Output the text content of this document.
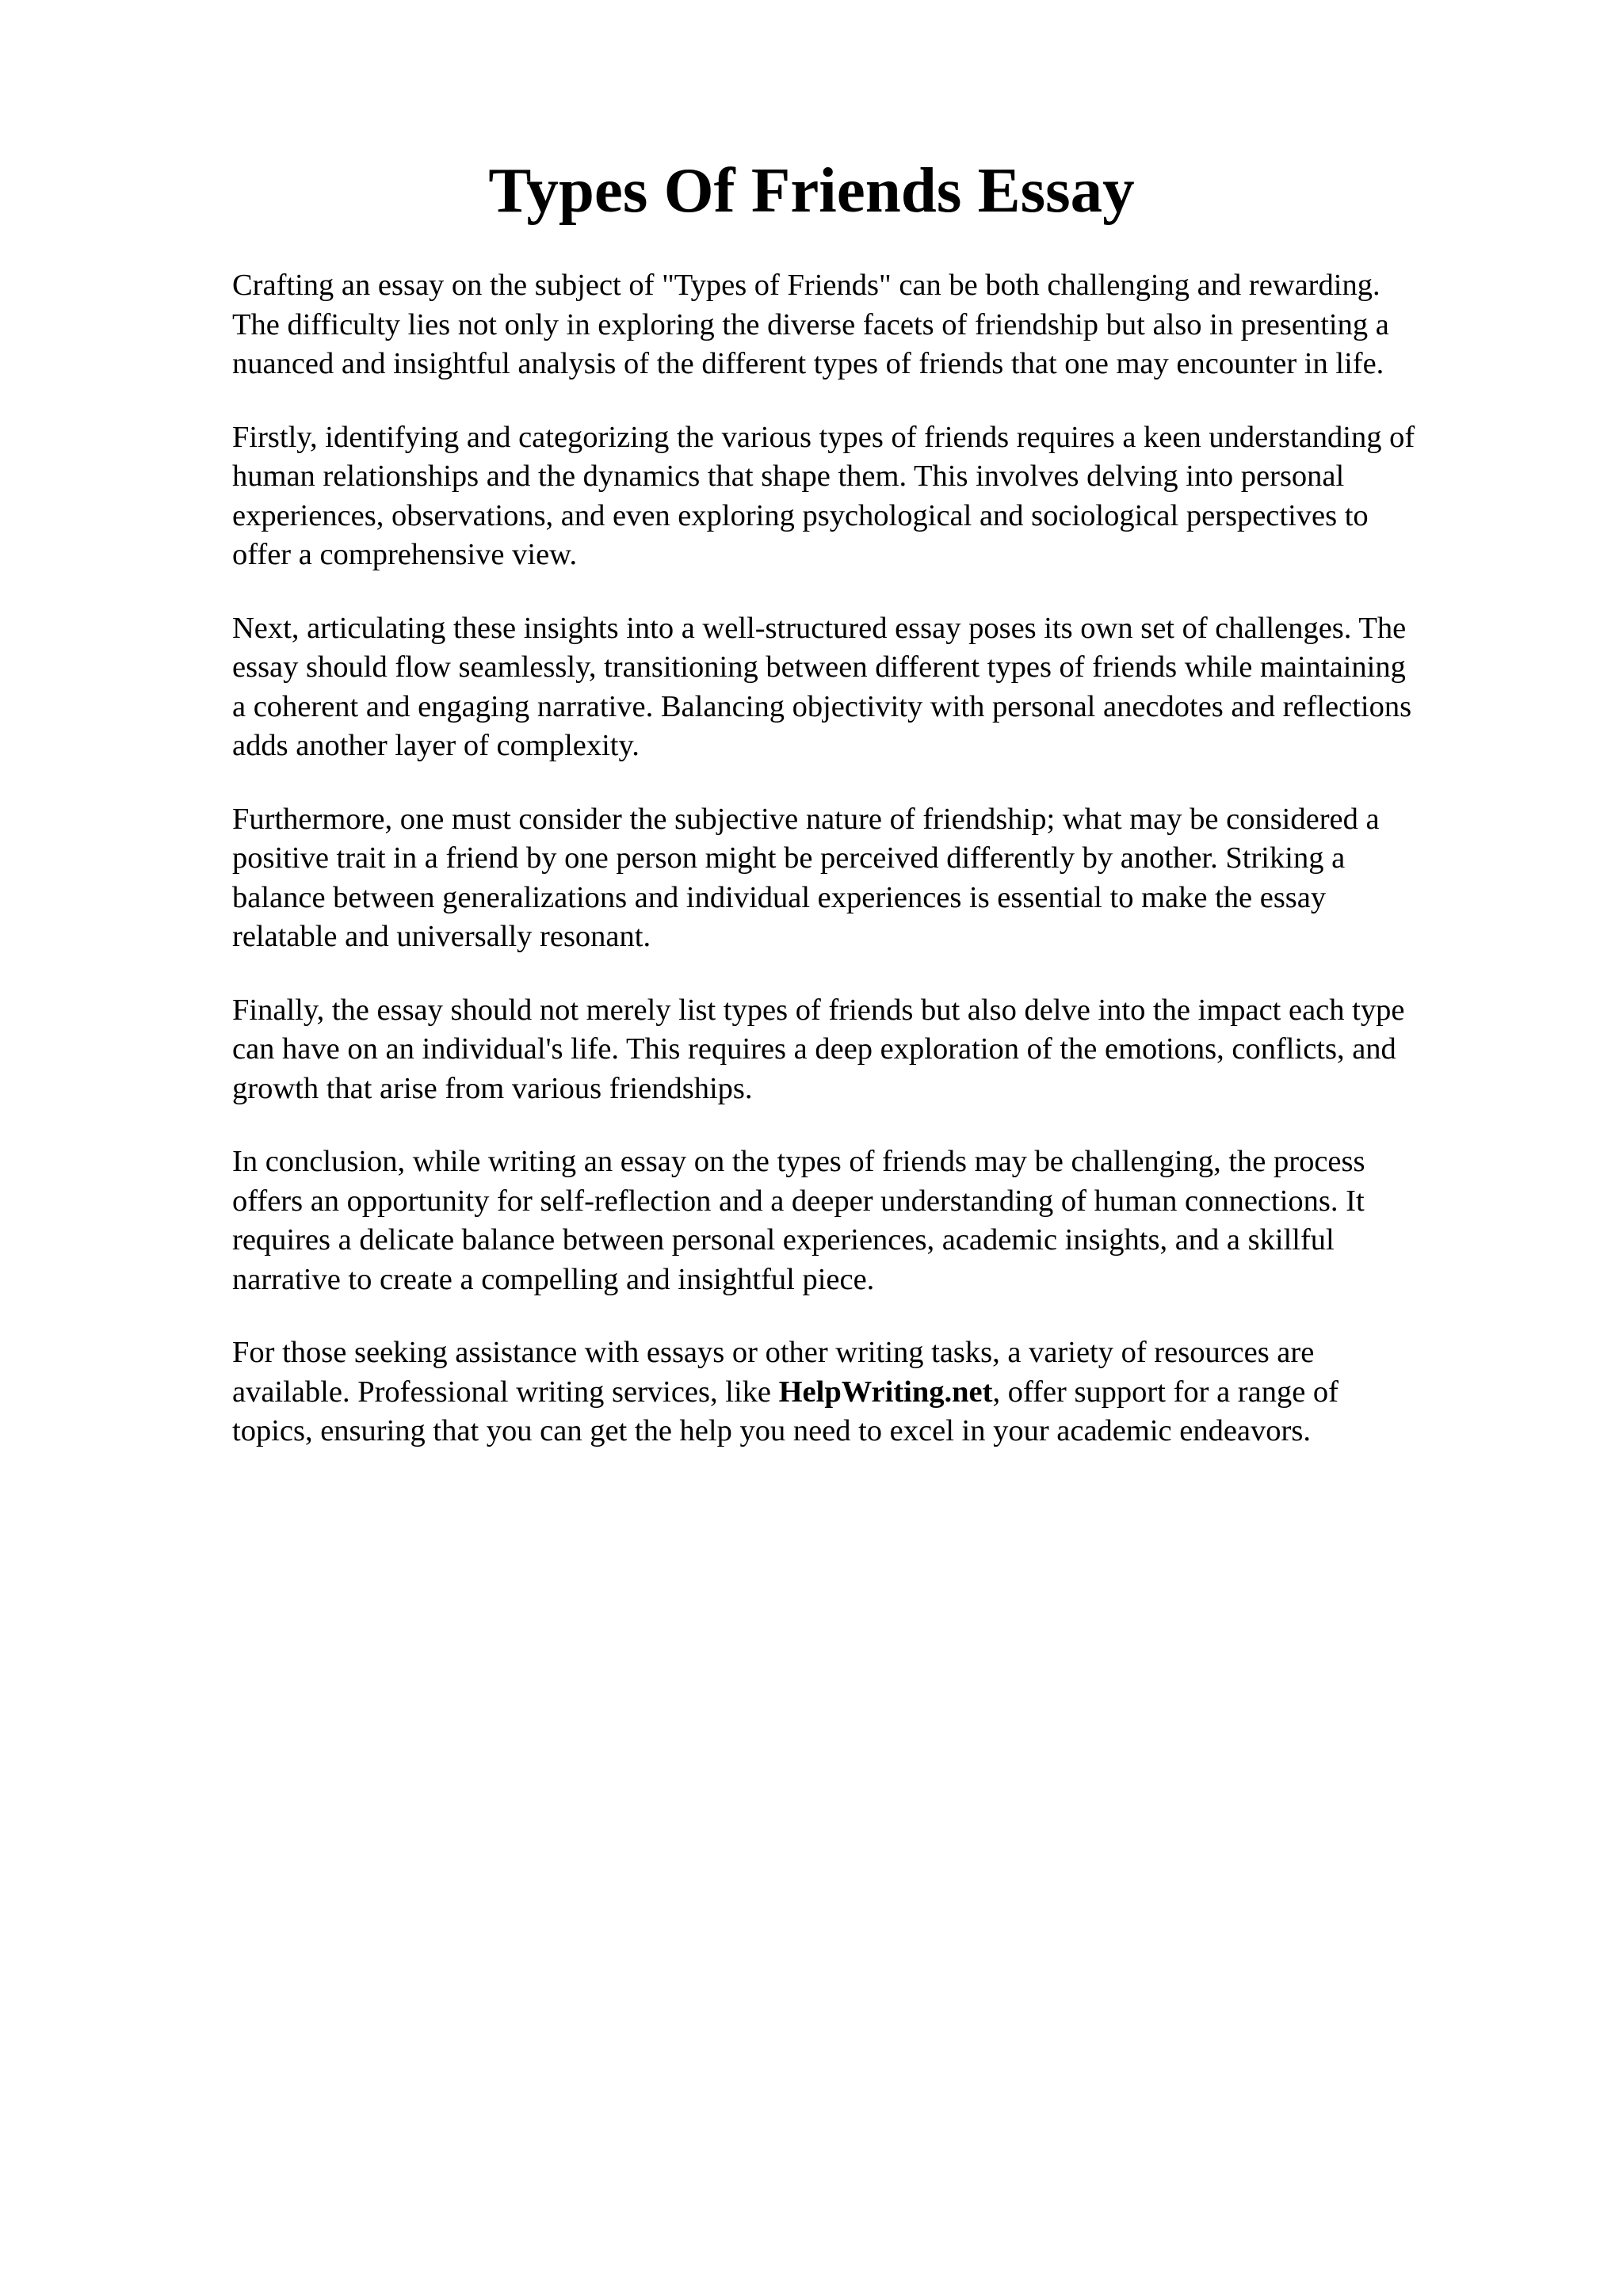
Types Of Friends Essay

Crafting an essay on the subject of "Types of Friends" can be both challenging and rewarding.
The difficulty lies not only in exploring the diverse facets of friendship but also in presenting a
nuanced and insightful analysis of the different types of friends that one may encounter in life.

Firstly, identifying and categorizing the various types of friends requires a keen understanding of
human relationships and the dynamics that shape them. This involves delving into personal
experiences, observations, and even exploring psychological and sociological perspectives to
offer a comprehensive view.

Next, articulating these insights into a well-structured essay poses its own set of challenges. The
essay should flow seamlessly, transitioning between different types of friends while maintaining
a coherent and engaging narrative. Balancing objectivity with personal anecdotes and reflections
adds another layer of complexity.

Furthermore, one must consider the subjective nature of friendship; what may be considered a
positive trait in a friend by one person might be perceived differently by another. Striking a
balance between generalizations and individual experiences is essential to make the essay
relatable and universally resonant.

Finally, the essay should not merely list types of friends but also delve into the impact each type
can have on an individual's life. This requires a deep exploration of the emotions, conflicts, and
growth that arise from various friendships.

In conclusion, while writing an essay on the types of friends may be challenging, the process
offers an opportunity for self-reflection and a deeper understanding of human connections. It
requires a delicate balance between personal experiences, academic insights, and a skillful
narrative to create a compelling and insightful piece.

For those seeking assistance with essays or other writing tasks, a variety of resources are
available. Professional writing services, like HelpWriting.net, offer support for a range of
topics, ensuring that you can get the help you need to excel in your academic endeavors.
